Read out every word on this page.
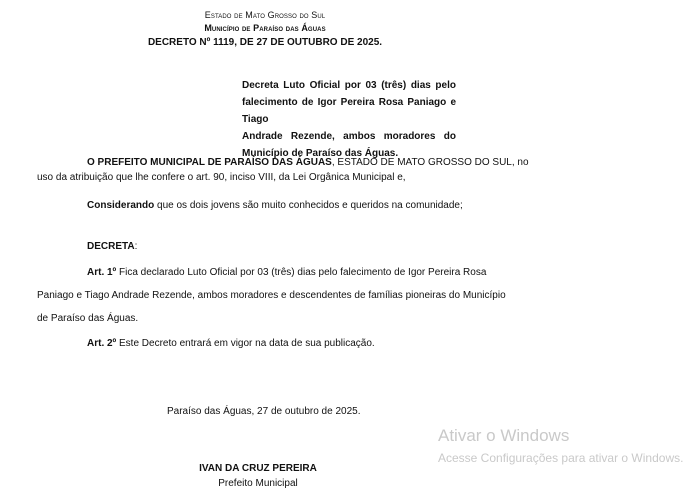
Estado de Mato Grosso do Sul
Município de Paraíso das Águas
DECRETO Nº 1119, DE 27 DE OUTUBRO DE 2025.
Decreta Luto Oficial por 03 (três) dias pelo
falecimento de Igor Pereira Rosa Paniago e Tiago
Andrade Rezende, ambos moradores do
Município de Paraíso das Águas.
O PREFEITO MUNICIPAL DE PARAÍSO DAS ÁGUAS, ESTADO DE MATO GROSSO DO SUL, no
uso da atribuição que lhe confere o art. 90, inciso VIII, da Lei Orgânica Municipal e,
Considerando que os dois jovens são muito conhecidos e queridos na comunidade;
DECRETA:
Art. 1º Fica declarado Luto Oficial por 03 (três) dias pelo falecimento de Igor Pereira Rosa
Paniago e Tiago Andrade Rezende, ambos moradores e descendentes de famílias pioneiras do Município
de Paraíso das Águas.
Art. 2º Este Decreto entrará em vigor na data de sua publicação.
Paraíso das Águas, 27 de outubro de 2025.
IVAN DA CRUZ PEREIRA
Prefeito Municipal
Ativar o Windows
Acesse Configurações para ativar o Windows.
